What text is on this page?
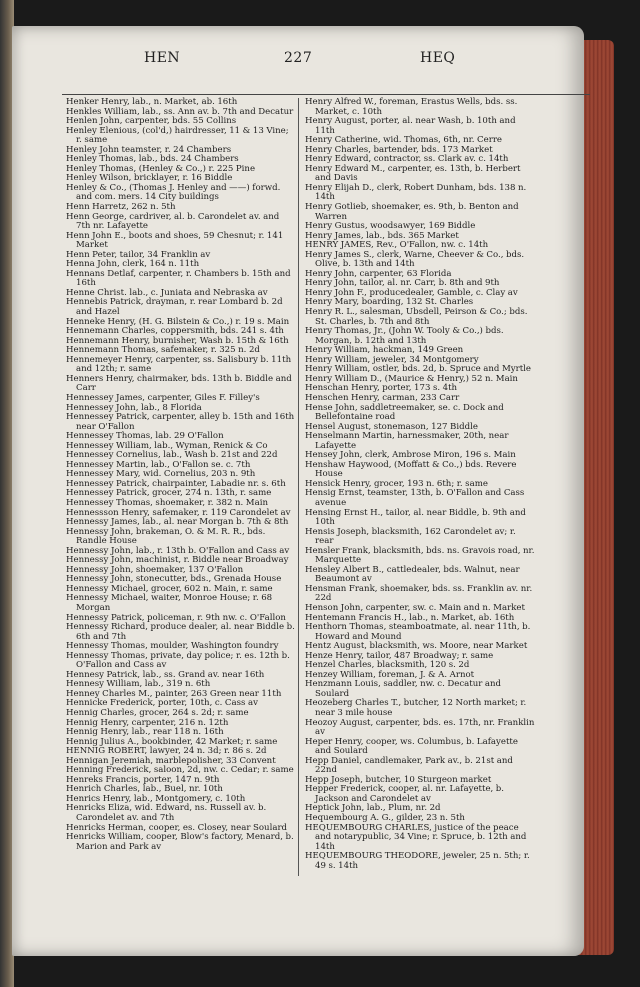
HEN	227	HEQ
Henker Henry, lab., n. Market, ab. 16th
Henkles William, lab., ss. Ann av. b. 7th and Decatur
Henlen John, carpenter, bds. 55 Collins
Henley Elenious, (col'd,) hairdresser, 11 & 13 Vine; r. same
Henley John teamster, r. 24 Chambers
Henley Thomas, lab., bds. 24 Chambers
Henley Thomas, (Henley & Co.,) r. 225 Pine
Henley Wilson, bricklayer, r. 16 Biddle
Henley & Co., (Thomas J. Henley and ——) forwd. and com. mers. 14 City buildings
Henn Harretz, 262 n. 5th
Henn George, cardriver, al. b. Carondelet av. and 7th nr. Lafayette
Henn John E., boots and shoes, 59 Chesnut; r. 141 Market
Henn Peter, tailor, 34 Franklin av
Henna John, clerk, 164 n. 11th
Hennans Detlaf, carpenter, r. Chambers b. 15th and 16th
Henne Christ. lab., c. Juniata and Nebraska av
Hennebis Patrick, drayman, r. rear Lombard b. 2d and Hazel
Henneke Henry, (H. G. Bilstein & Co.,) r. 19 s. Main
Hennemann Charles, coppersmith, bds. 241 s. 4th
Hennemann Henry, burnisher, Wash b. 15th & 16th
Hennemann Thomas, safemaker, r. 325 n. 2d
Hennemeyer Henry, carpenter, ss. Salisbury b. 11th and 12th; r. same
Henners Henry, chairmaker, bds. 13th b. Biddle and Carr
Hennessey James, carpenter, Giles F. Filley's
Hennessey John, lab., 8 Florida
Hennessey Patrick, carpenter, alley b. 15th and 16th near O'Fallon
Hennessey Thomas, lab. 29 O'Fallon
Hennessey William, lab., Wyman, Renick & Co
Hennessey Cornelius, lab., Wash b. 21st and 22d
Hennessey Martin, lab., O'Fallon se. c. 7th
Hennessey Mary, wid. Cornelius, 203 n. 9th
Hennessey Patrick, chairpainter, Labadie nr. s. 6th
Hennessey Patrick, grocer, 274 n. 13th, r. same
Hennessey Thomas, shoemaker, r. 382 n. Main
Hennessson Henry, safemaker, r. 119 Carondelet av
Hennessy James, lab., al. near Morgan b. 7th & 8th
Hennessy John, brakeman, O. & M. R. R., bds. Randle House
Hennessy John, lab., r. 13th b. O'Fallon and Cass av
Hennessy John, machinist, r. Biddle near Broadway
Hennessy John, shoemaker, 137 O'Fallon
Hennessy John, stonecutter, bds., Grenada House
Hennessy Michael, grocer, 602 n. Main, r. same
Hennessy Michael, waiter, Monroe House; r. 68 Morgan
Hennessy Patrick, policeman, r. 9th nw. c. O'Fallon
Hennessy Richard, produce dealer, al. near Biddle b. 6th and 7th
Hennessy Thomas, moulder, Washington foundry
Hennessy Thomas, private, day police; r. es. 12th b. O'Fallon and Cass av
Hennesy Patrick, lab., ss. Grand av. near 16th
Hennesy William, lab., 319 n. 6th
Henney Charles M., painter, 263 Green near 11th
Hennicke Frederick, porter, 10th, c. Cass av
Hennig Charles, grocer, 264 s. 2d; r. same
Hennig Henry, carpenter, 216 n. 12th
Hennig Henry, lab., rear 118 n. 16th
Hennig Julius A., bookbinder, 42 Market; r. same
HENNIG ROBERT, lawyer, 24 n. 3d; r. 86 s. 2d
Hennigan Jeremiah, marblepolisher, 33 Convent
Henning Frederick, saloon, 2d, nw. c. Cedar; r. same
Henreks Francis, porter, 147 n. 9th
Henrich Charles, lab., Buel, nr. 10th
Henrics Henry, lab., Montgomery, c. 10th
Henricks Eliza, wid. Edward, ns. Russell av. b. Carondelet av. and 7th
Henricks Herman, cooper, es. Closey, near Soulard
Henricks William, cooper, Blow's factory, Menard, b. Marion and Park av
Henry Alfred W., foreman, Erastus Wells, bds. ss. Market, c. 10th
Henry August, porter, al. near Wash, b. 10th and 11th
Henry Catherine, wid. Thomas, 6th, nr. Cerre
Henry Charles, bartender, bds. 173 Market
Henry Edward, contractor, ss. Clark av. c. 14th
Henry Edward M., carpenter, es. 13th, b. Herbert and Davis
Henry Elijah D., clerk, Robert Dunham, bds. 138 n. 14th
Henry Gotlieb, shoemaker, es. 9th, b. Benton and Warren
Henry Gustus, woodsawyer, 169 Biddle
Henry James, lab., bds. 365 Market
HENRY JAMES, Rev., O'Fallon, nw. c. 14th
Henry James S., clerk, Warne, Cheever & Co., bds. Olive, b. 13th and 14th
Henry John, carpenter, 63 Florida
Henry John, tailor, al. nr. Carr, b. 8th and 9th
Henry John F., producedealer, Gamble, c. Clay av
Henry Mary, boarding, 132 St. Charles
Henry R. L., salesman, Ubsdell, Peirson & Co.; bds. St. Charles, b. 7th and 8th
Henry Thomas, Jr., (John W. Tooly & Co.,) bds. Morgan, b. 12th and 13th
Henry William, hackman, 149 Green
Henry William, jeweler, 34 Montgomery
Henry William, ostler, bds. 2d, b. Spruce and Myrtle
Henry William D., (Maurice & Henry,) 52 n. Main
Henschan Henry, porter, 173 s. 4th
Henschen Henry, carman, 233 Carr
Hense John, saddletreemaker, se. c. Dock and Bellefontaine road
Hensel August, stonemason, 127 Biddle
Henselmann Martin, harnessmaker, 20th, near Lafayette
Hensey John, clerk, Ambrose Miron, 196 s. Main
Henshaw Haywood, (Moffatt & Co.,) bds. Revere House
Hensick Henry, grocer, 193 n. 6th; r. same
Hensig Ernst, teamster, 13th, b. O'Fallon and Cass avenue
Hensing Ernst H., tailor, al. near Biddle, b. 9th and 10th
Hensis Joseph, blacksmith, 162 Carondelet av; r. rear
Hensler Frank, blacksmith, bds. ns. Gravois road, nr. Marquette
Hensley Albert B., cattledealer, bds. Walnut, near Beaumont av
Hensman Frank, shoemaker, bds. ss. Franklin av. nr. 22d
Henson John, carpenter, sw. c. Main and n. Market
Hentemann Francis H., lab., n. Market, ab. 16th
Henthorn Thomas, steamboatmate, al. near 11th, b. Howard and Mound
Hentz August, blacksmith, ws. Moore, near Market
Henze Henry, tailor, 487 Broadway; r. same
Henzel Charles, blacksmith, 120 s. 2d
Henzey William, foreman, J. & A. Arnot
Henzmann Louis, saddler, nw. c. Decatur and Soulard
Heozeberg Charles T., butcher, 12 North market; r. near 3 mile house
Heozoy August, carpenter, bds. es. 17th, nr. Franklin av
Heper Henry, cooper, ws. Columbus, b. Lafayette and Soulard
Hepp Daniel, candlemaker, Park av., b. 21st and 22nd
Hepp Joseph, butcher, 10 Sturgeon market
Hepper Frederick, cooper, al. nr. Lafayette, b. Jackson and Carondelet av
Heptick John, lab., Plum, nr. 2d
Hequembourg A. G., gilder, 23 n. 5th
HEQUEMBOURG CHARLES, justice of the peace and notarypublic, 34 Vine; r. Spruce, b. 12th and 14th
HEQUEMBOURG THEODORE, jeweler, 25 n. 5th; r. 49 s. 14th
